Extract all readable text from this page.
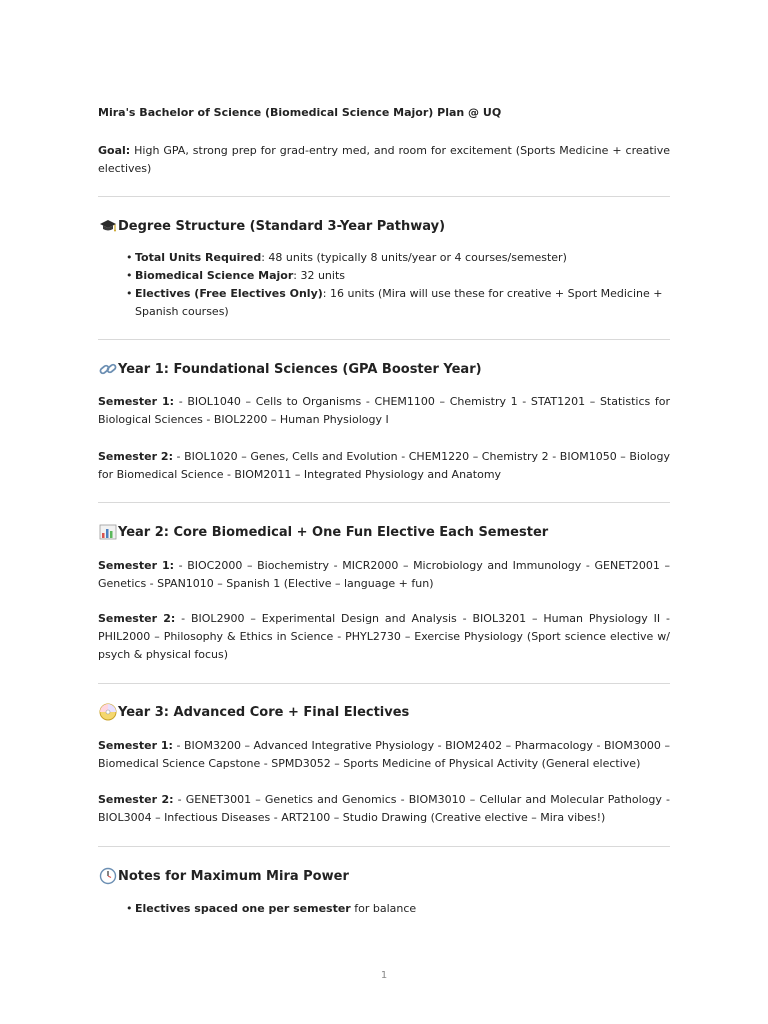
Mira's Bachelor of Science (Biomedical Science Major) Plan @ UQ

Goal: High GPA, strong prep for grad-entry med, and room for excitement (Sports Medicine + creative electives)

Degree Structure (Standard 3-Year Pathway)
• Total Units Required: 48 units (typically 8 units/year or 4 courses/semester)
• Biomedical Science Major: 32 units
• Electives (Free Electives Only): 16 units (Mira will use these for creative + Sport Medicine + Spanish courses)
Year 1: Foundational Sciences (GPA Booster Year)

Semester 1: - BIOL1040 – Cells to Organisms - CHEM1100 – Chemistry 1 - STAT1201 – Statistics for Biological Sciences - BIOL2200 – Human Physiology I

Semester 2: - BIOL1020 – Genes, Cells and Evolution - CHEM1220 – Chemistry 2 - BIOM1050 – Biology for Biomedical Science - BIOM2011 – Integrated Physiology and Anatomy

Year 2: Core Biomedical + One Fun Elective Each Semester

Semester 1: - BIOC2000 – Biochemistry - MICR2000 – Microbiology and Immunology - GENET2001 – Genetics - SPAN1010 – Spanish 1 (Elective – language + fun)

Semester 2: - BIOL2900 – Experimental Design and Analysis - BIOL3201 – Human Physiology II - PHIL2000 – Philosophy & Ethics in Science - PHYL2730 – Exercise Physiology (Sport science elective w/ psych & physical focus)

Year 3: Advanced Core + Final Electives

Semester 1: - BIOM3200 – Advanced Integrative Physiology - BIOM2402 – Pharmacology - BIOM3000 – Biomedical Science Capstone - SPMD3052 – Sports Medicine of Physical Activity (General elective)

Semester 2: - GENET3001 – Genetics and Genomics - BIOM3010 – Cellular and Molecular Pathology - BIOL3004 – Infectious Diseases - ART2100 – Studio Drawing (Creative elective – Mira vibes!)

Notes for Maximum Mira Power
• Electives spaced one per semester for balance
1
